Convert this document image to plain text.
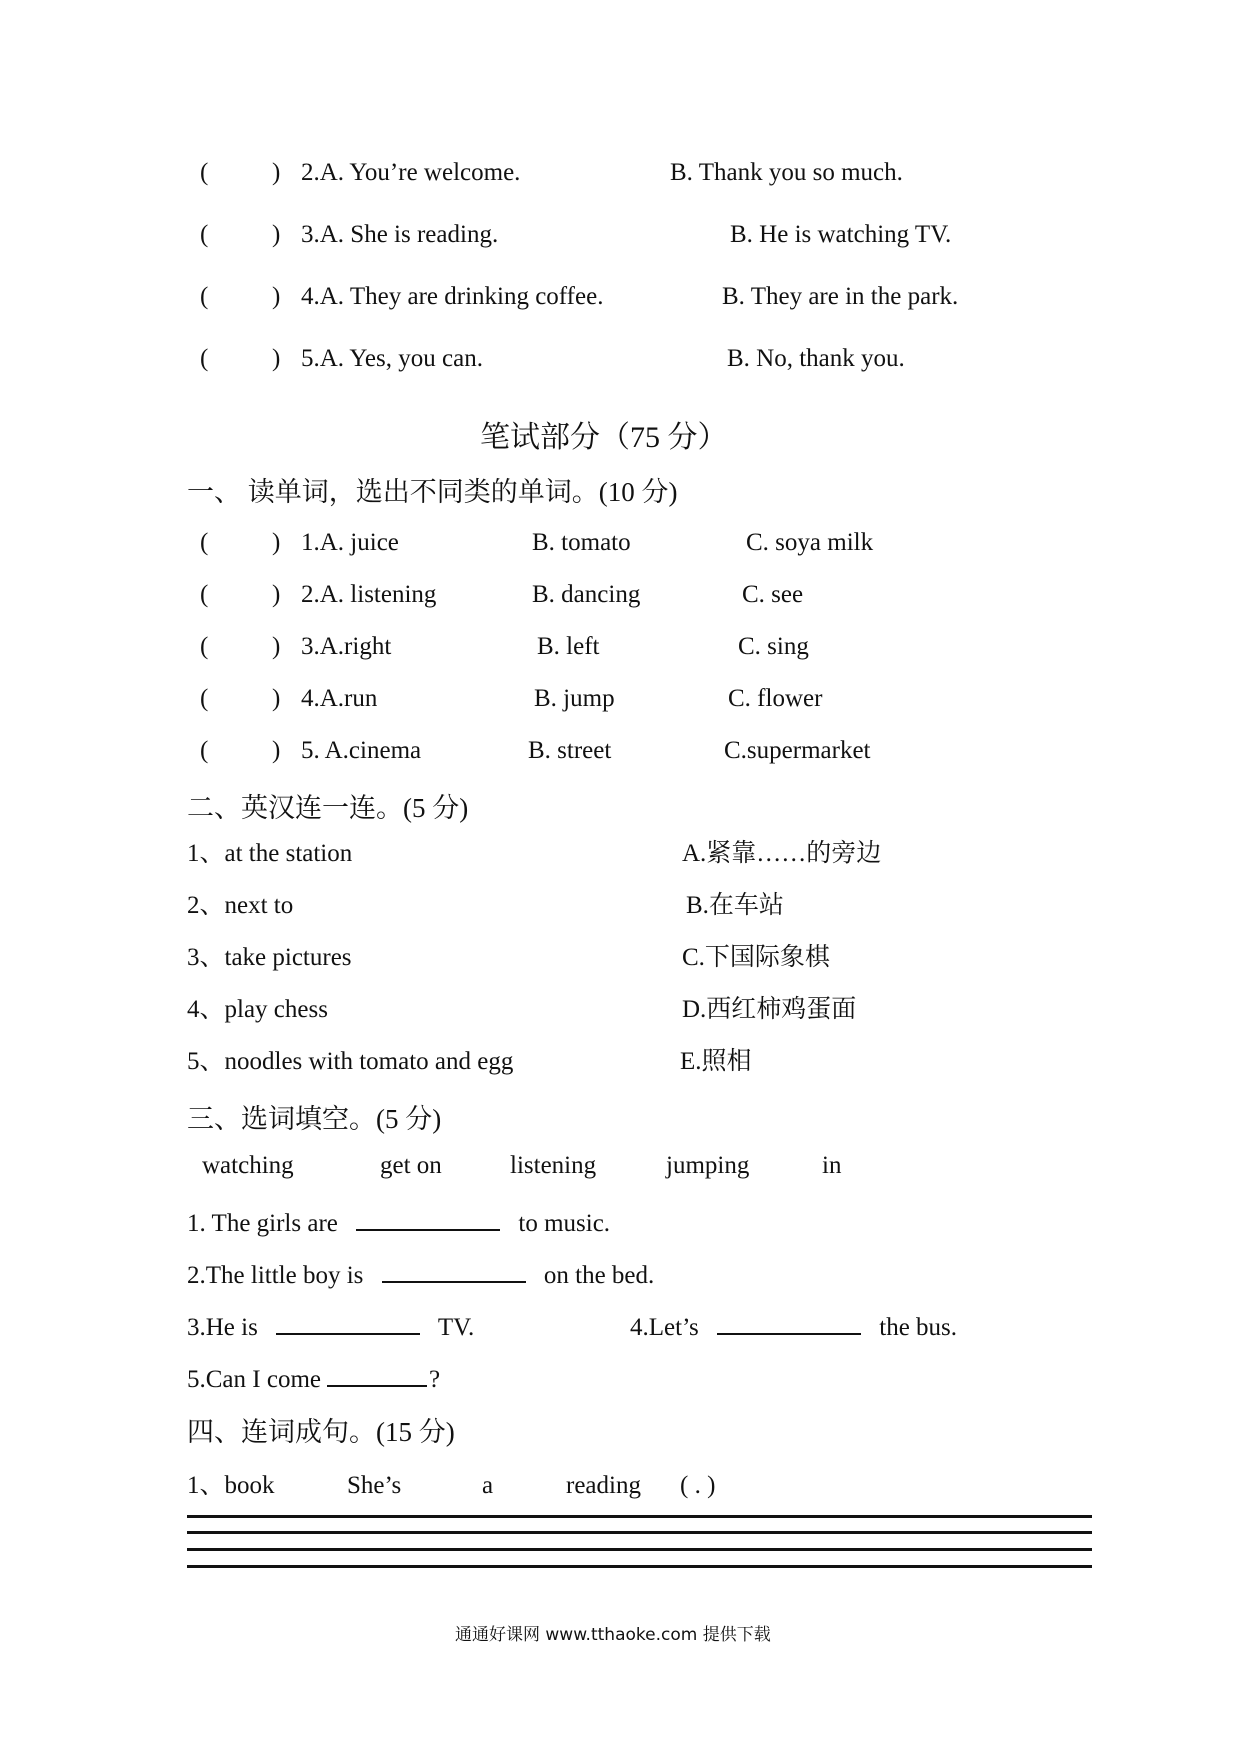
(	) 2.A. You’re welcome.	B. Thank you so much.
(	) 3.A. She is reading.	B. He is watching TV.
(	) 4.A. They are drinking coffee.	B. They are in the park.
(	) 5.A. Yes, you can.	B. No, thank you.
笔试部分（75 分）
一、 读单词，选出不同类的单词。(10 分)
(	) 1.A. juice	B. tomato	C. soya milk
(	) 2.A. listening	B. dancing	C. see
(	) 3.A.right	B. left	C. sing
(	) 4.A.run	B. jump	C. flower
(	) 5. A.cinema	B. street	C.supermarket
二、英汉连一连。(5 分)
1、at the station	A.紧靠……的旁边
2、next to	B.在车站
3、take pictures	C.下国际象棋
4、play chess	D.西红柿鸡蛋面
5、noodles with tomato and egg	E.照相
三、选词填空。(5 分)
watching	get on	listening	jumping	in
1. The girls are	to music.
2.The little boy is	on the bed.
3.He is	TV.	4.Let’s	the bus.
5.Can I come	?
四、连词成句。(15 分)
1、book	She’s	a	reading ( . )
通通好课网 www.tthaoke.com 提供下载
